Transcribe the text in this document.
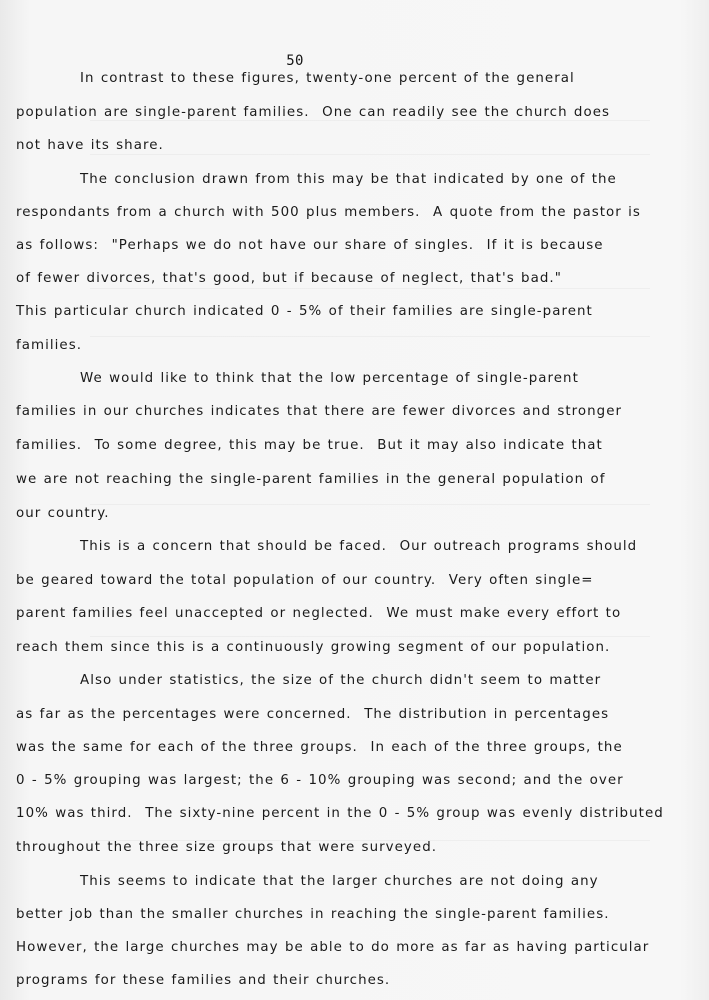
50
In contrast to these figures, twenty-one percent of the general
population are single-parent families.  One can readily see the church does
not have its share.
The conclusion drawn from this may be that indicated by one of the
respondants from a church with 500 plus members.  A quote from the pastor is
as follows:  "Perhaps we do not have our share of singles.  If it is because
of fewer divorces, that's good, but if because of neglect, that's bad."
This particular church indicated 0 - 5% of their families are single-parent
families.
We would like to think that the low percentage of single-parent
families in our churches indicates that there are fewer divorces and stronger
families.  To some degree, this may be true.  But it may also indicate that
we are not reaching the single-parent families in the general population of
our country.
This is a concern that should be faced.  Our outreach programs should
be geared toward the total population of our country.  Very often single=
parent families feel unaccepted or neglected.  We must make every effort to
reach them since this is a continuously growing segment of our population.
Also under statistics, the size of the church didn't seem to matter
as far as the percentages were concerned.  The distribution in percentages
was the same for each of the three groups.  In each of the three groups, the
0 - 5% grouping was largest; the 6 - 10% grouping was second; and the over
10% was third.  The sixty-nine percent in the 0 - 5% group was evenly distributed
throughout the three size groups that were surveyed.
This seems to indicate that the larger churches are not doing any
better job than the smaller churches in reaching the single-parent families.
However, the large churches may be able to do more as far as having particular
programs for these families and their churches.
